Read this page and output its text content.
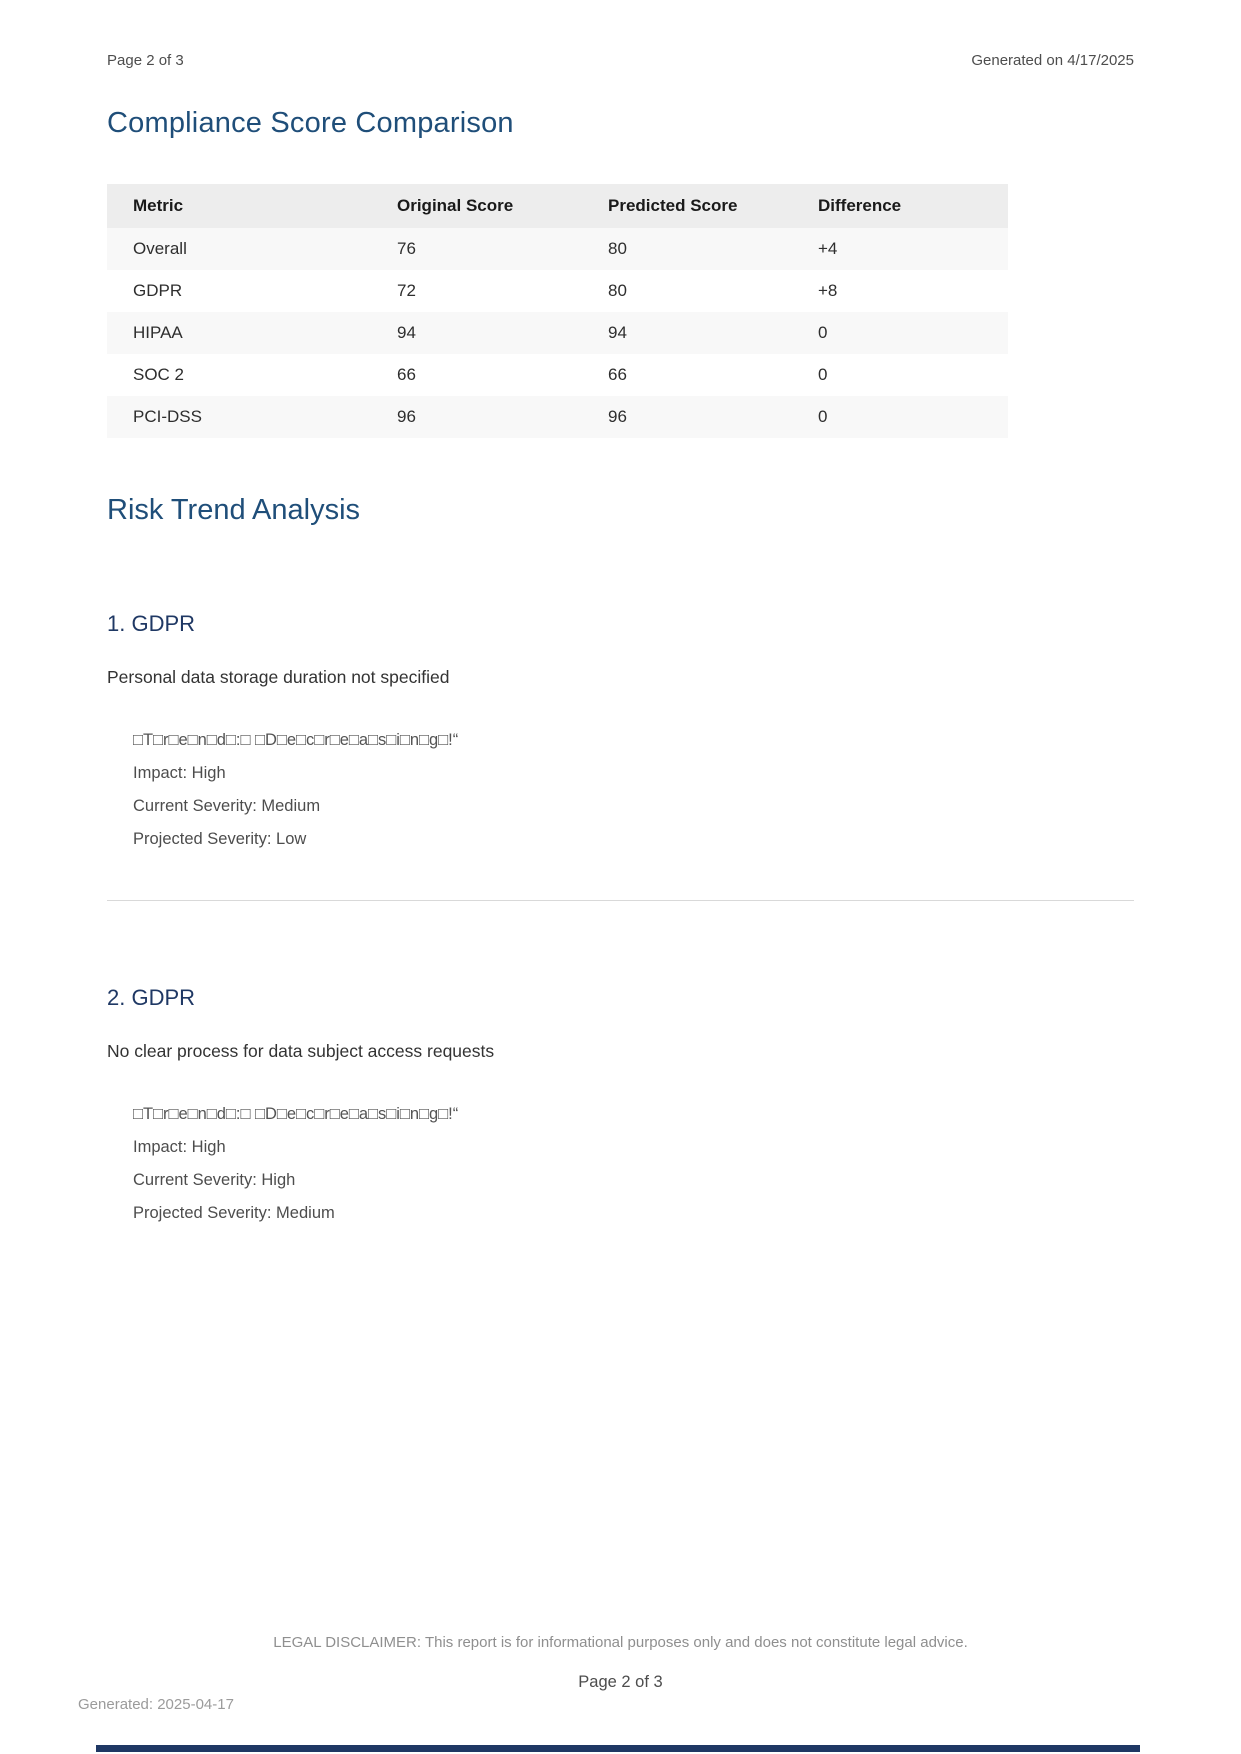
Page 2 of 3	Generated on 4/17/2025
Compliance Score Comparison
Metric	Original Score	Predicted Score	Difference
Overall	76	80	+4
GDPR	72	80	+8
HIPAA	94	94	0
SOC 2	66	66	0
PCI-DSS	96	96	0
Risk Trend Analysis
1. GDPR
Personal data storage duration not specified
□T□r□e□n□d□:□ □D□e□c□r□e□a□s□i□n□g□!“
Impact: High
Current Severity: Medium
Projected Severity: Low
2. GDPR
No clear process for data subject access requests
□T□r□e□n□d□:□ □D□e□c□r□e□a□s□i□n□g□!“
Impact: High
Current Severity: High
Projected Severity: Medium
LEGAL DISCLAIMER: This report is for informational purposes only and does not constitute legal advice.
Page 2 of 3
Generated: 2025-04-17
